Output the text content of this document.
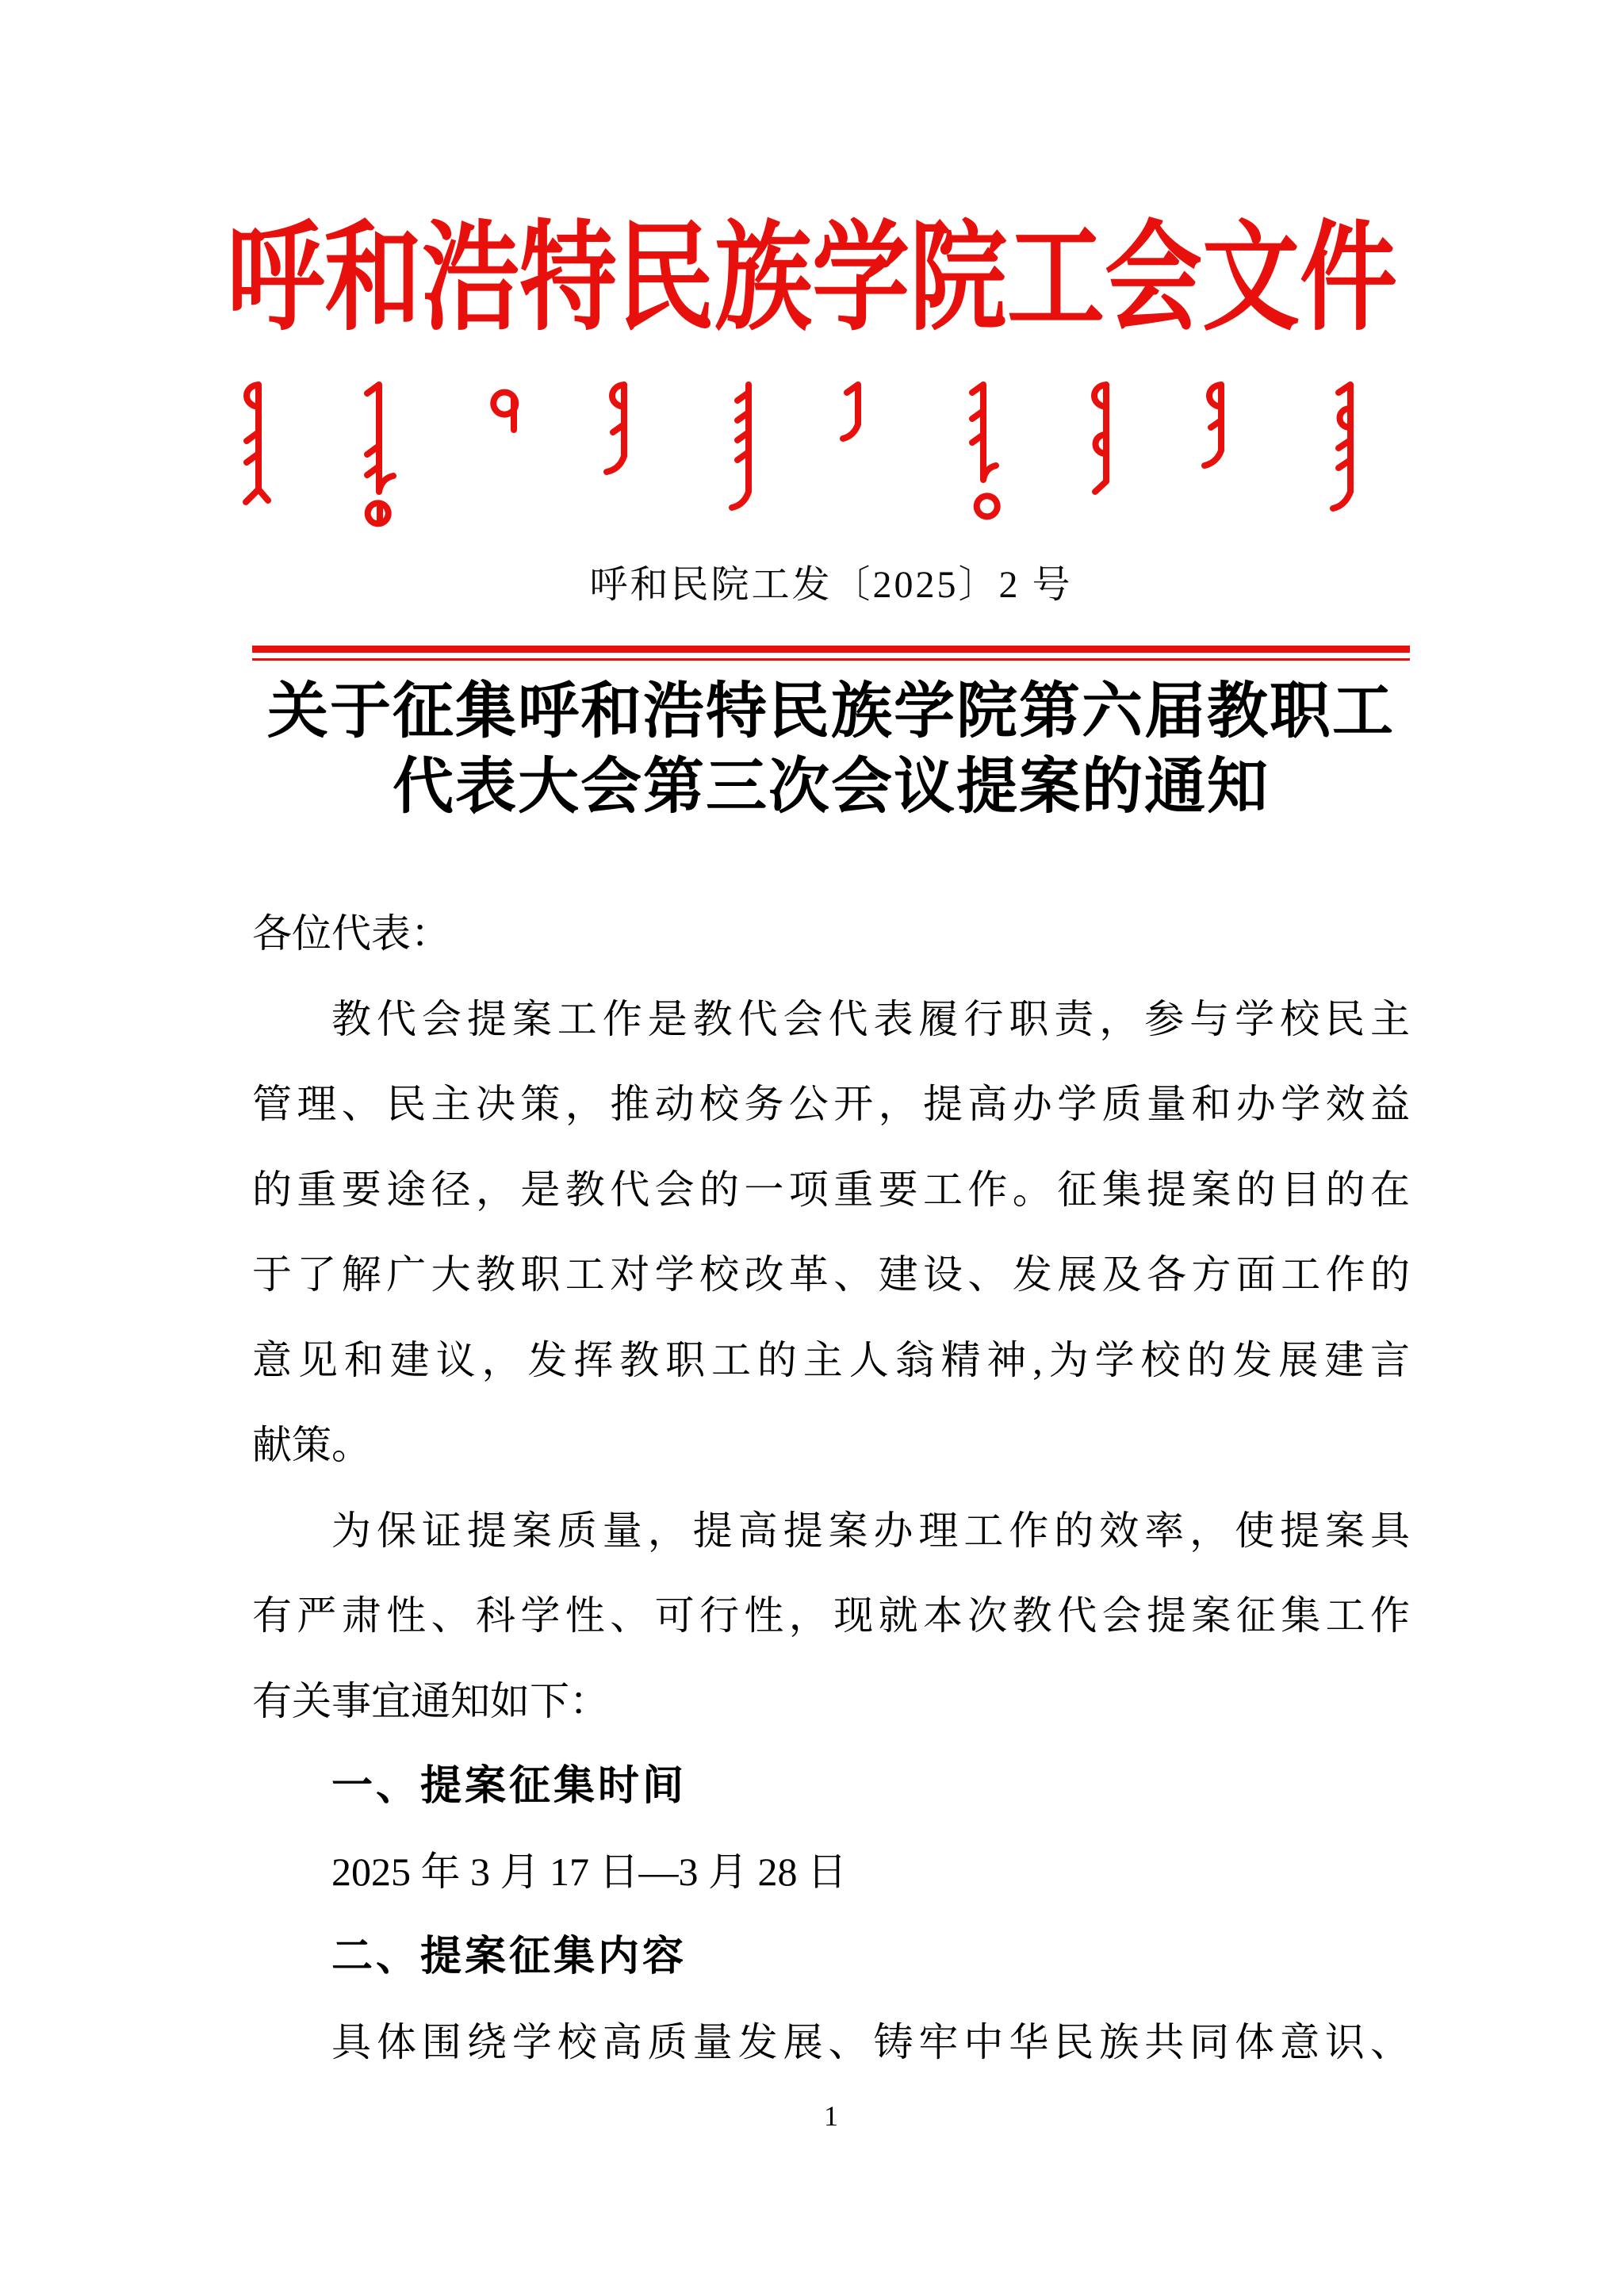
呼和浩特民族学院工会文件
呼和民院工发〔2025〕2 号
关于征集呼和浩特民族学院第六届教职工
代表大会第三次会议提案的通知
各位代表：
教代会提案工作是教代会代表履行职责，参与学校民主
管理、民主决策，推动校务公开，提高办学质量和办学效益
的重要途径，是教代会的一项重要工作。征集提案的目的在
于了解广大教职工对学校改革、建设、发展及各方面工作的
意见和建议，发挥教职工的主人翁精神,为学校的发展建言
献策。
为保证提案质量，提高提案办理工作的效率，使提案具
有严肃性、科学性、可行性，现就本次教代会提案征集工作
有关事宜通知如下：
一、提案征集时间
2025 年 3 月 17 日—3 月 28 日
二、提案征集内容
具体围绕学校高质量发展、铸牢中华民族共同体意识、
1
